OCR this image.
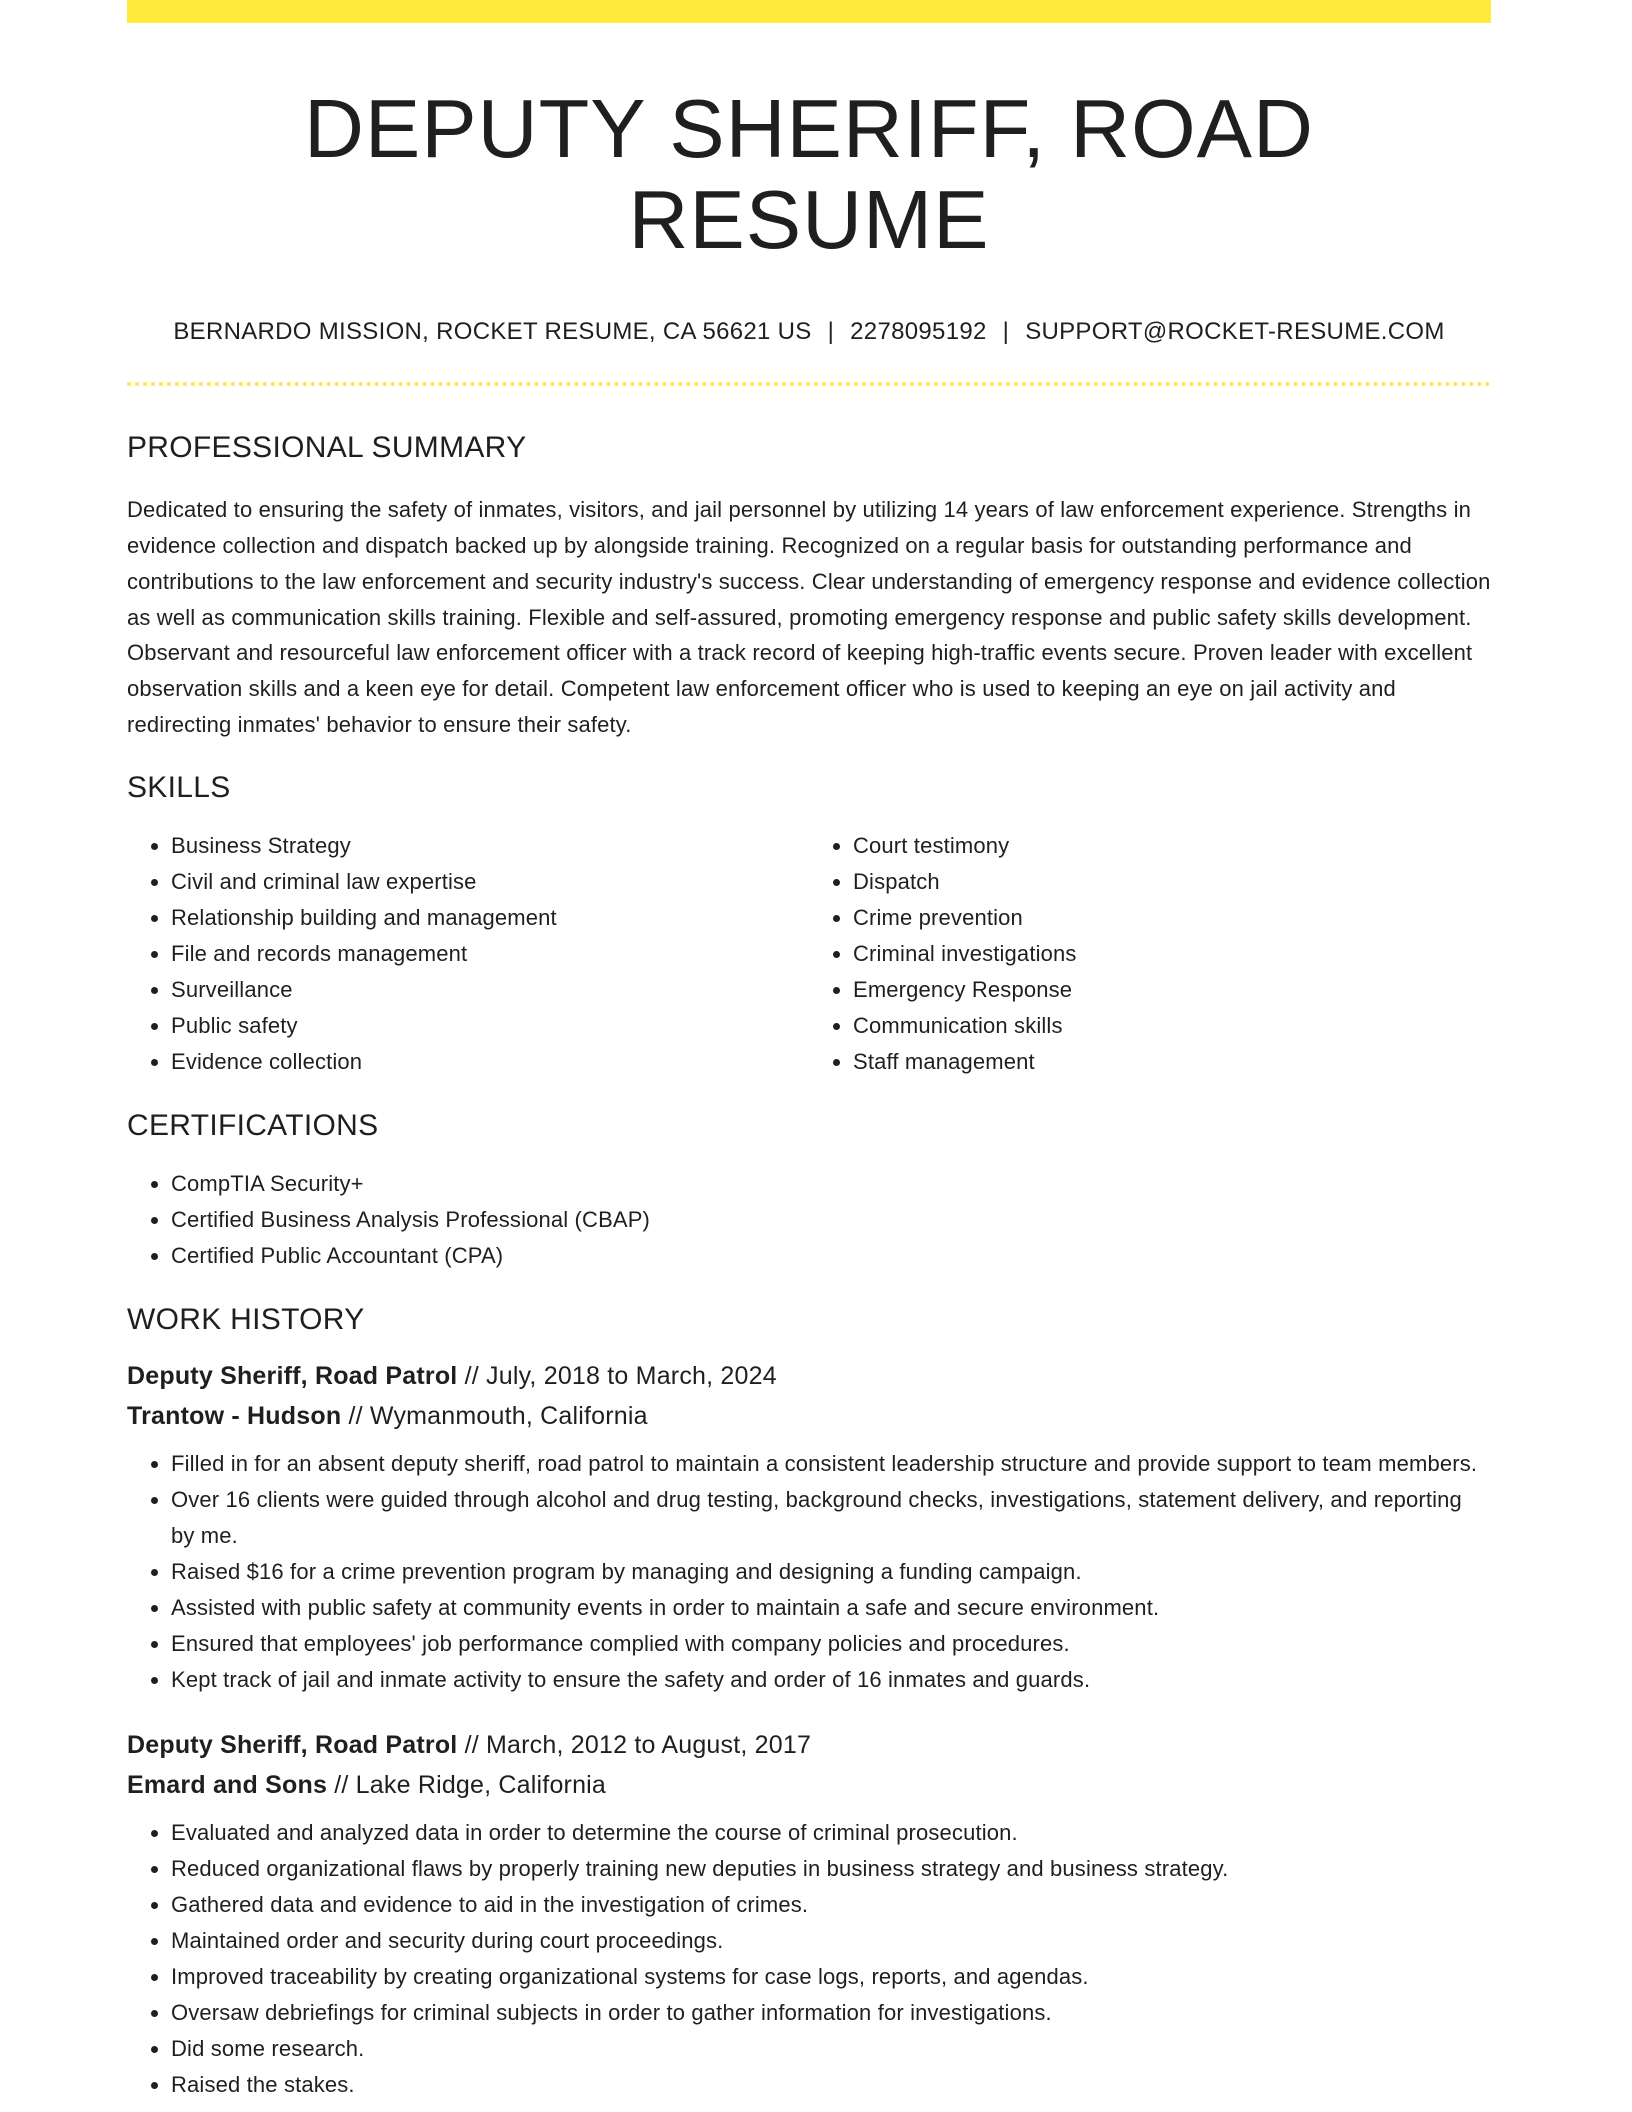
DEPUTY SHERIFF, ROAD RESUME
BERNARDO MISSION, ROCKET RESUME, CA 56621 US | 2278095192 | SUPPORT@ROCKET-RESUME.COM
PROFESSIONAL SUMMARY

Dedicated to ensuring the safety of inmates, visitors, and jail personnel by utilizing 14 years of law enforcement experience. Strengths in evidence collection and dispatch backed up by alongside training. Recognized on a regular basis for outstanding performance and contributions to the law enforcement and security industry's success. Clear understanding of emergency response and evidence collection as well as communication skills training. Flexible and self-assured, promoting emergency response and public safety skills development. Observant and resourceful law enforcement officer with a track record of keeping high-traffic events secure. Proven leader with excellent observation skills and a keen eye for detail. Competent law enforcement officer who is used to keeping an eye on jail activity and redirecting inmates' behavior to ensure their safety.

SKILLS
• Business Strategy
• Civil and criminal law expertise
• Relationship building and management
• File and records management
• Surveillance
• Public safety
• Evidence collection
• Court testimony
• Dispatch
• Crime prevention
• Criminal investigations
• Emergency Response
• Communication skills
• Staff management
CERTIFICATIONS
• CompTIA Security+
• Certified Business Analysis Professional (CBAP)
• Certified Public Accountant (CPA)
WORK HISTORY
Deputy Sheriff, Road Patrol // July, 2018 to March, 2024
Trantow - Hudson // Wymanmouth, California
• Filled in for an absent deputy sheriff, road patrol to maintain a consistent leadership structure and provide support to team members.
• Over 16 clients were guided through alcohol and drug testing, background checks, investigations, statement delivery, and reporting by me.
• Raised $16 for a crime prevention program by managing and designing a funding campaign.
• Assisted with public safety at community events in order to maintain a safe and secure environment.
• Ensured that employees' job performance complied with company policies and procedures.
• Kept track of jail and inmate activity to ensure the safety and order of 16 inmates and guards.
Deputy Sheriff, Road Patrol // March, 2012 to August, 2017
Emard and Sons // Lake Ridge, California
• Evaluated and analyzed data in order to determine the course of criminal prosecution.
• Reduced organizational flaws by properly training new deputies in business strategy and business strategy.
• Gathered data and evidence to aid in the investigation of crimes.
• Maintained order and security during court proceedings.
• Improved traceability by creating organizational systems for case logs, reports, and agendas.
• Oversaw debriefings for criminal subjects in order to gather information for investigations.
• Did some research.
• Raised the stakes.
